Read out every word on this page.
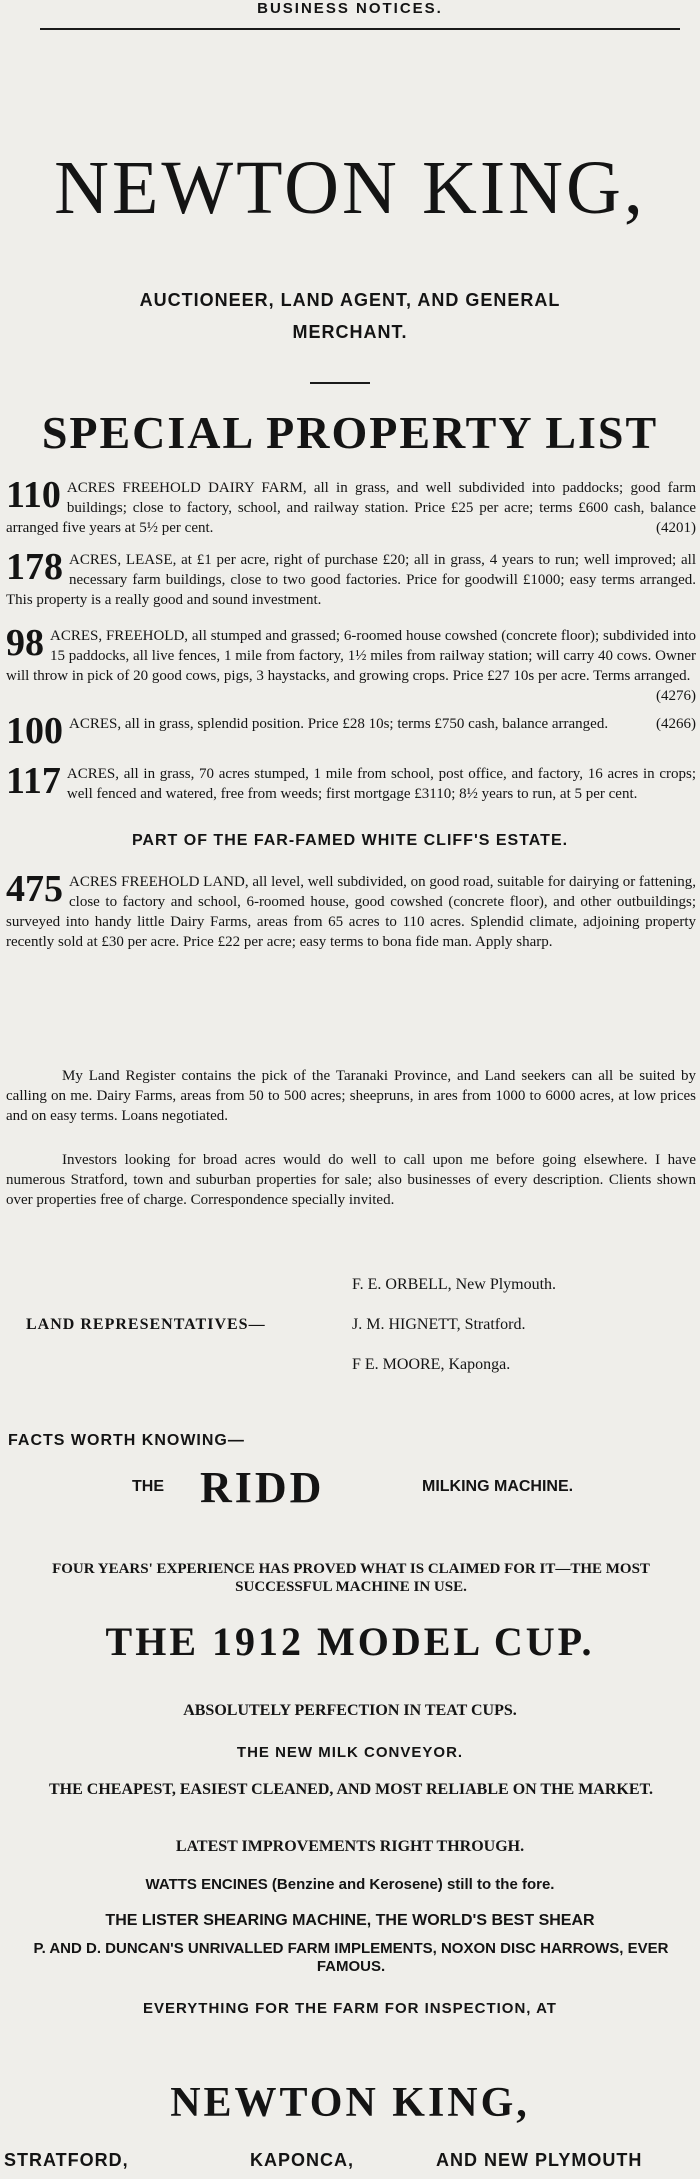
BUSINESS NOTICES.
NEWTON KING,
AUCTIONEER, LAND AGENT, AND GENERAL
MERCHANT.
SPECIAL PROPERTY LIST
110 ACRES FREEHOLD DAIRY FARM, all in grass, and well subdivided into paddocks; good farm buildings; close to factory, school, and railway station. Price £25 per acre; terms £600 cash, balance arranged five years at 5½ per cent.	(4201)
178 ACRES, LEASE, at £1 per acre, right of purchase £20; all in grass, 4 years to run; well improved; all necessary farm buildings, close to two good factories. Price for goodwill £1000; easy terms arranged. This property is a really good and sound investment.
98 ACRES, FREEHOLD, all stumped and grassed; 6-roomed house cowshed (concrete floor); subdivided into 15 paddocks, all live fences, 1 mile from factory, 1½ miles from railway station; will carry 40 cows. Owner will throw in pick of 20 good cows, pigs, 3 haystacks, and growing crops. Price £27 10s per acre. Terms arranged.
(4276)
100 ACRES, all in grass, splendid position. Price £28 10s; terms £750 cash, balance arranged.	(4266)
117 ACRES, all in grass, 70 acres stumped, 1 mile from school, post office, and factory, 16 acres in crops; well fenced and watered, free from weeds; first mortgage £3110; 8½ years to run, at 5 per cent.
PART OF THE FAR-FAMED WHITE CLIFF'S ESTATE.
475 ACRES FREEHOLD LAND, all level, well subdivided, on good road, suitable for dairying or fattening, close to factory and school, 6-roomed house, good cowshed (concrete floor), and other outbuildings; surveyed into handy little Dairy Farms, areas from 65 acres to 110 acres. Splendid climate, adjoining property recently sold at £30 per acre. Price £22 per acre; easy terms to bona fide man. Apply sharp.
My Land Register contains the pick of the Taranaki Province, and Land seekers can all be suited by calling on me. Dairy Farms, areas from 50 to 500 acres; sheepruns, in ares from 1000 to 6000 acres, at low prices and on easy terms. Loans negotiated.
Investors looking for broad acres would do well to call upon me before going elsewhere. I have numerous Stratford, town and suburban properties for sale; also businesses of every description. Clients shown over properties free of charge. Correspondence specially invited.
LAND REPRESENTATIVES—
F. E. ORBELL, New Plymouth.
J. M. HIGNETT, Stratford.
F E. MOORE, Kaponga.
FACTS WORTH KNOWING—
THE RIDD	MILKING MACHINE.
FOUR YEARS' EXPERIENCE HAS PROVED WHAT IS CLAIMED FOR IT—THE MOST SUCCESSFUL MACHINE IN USE.
THE 1912 MODEL CUP.
ABSOLUTELY PERFECTION IN TEAT CUPS.
THE NEW MILK CONVEYOR.
THE CHEAPEST, EASIEST CLEANED, AND MOST RELIABLE ON THE MARKET.
LATEST IMPROVEMENTS RIGHT THROUGH.
WATTS ENCINES (Benzine and Kerosene) still to the fore.
THE LISTER SHEARING MACHINE, THE WORLD'S BEST SHEAR
P. AND D. DUNCAN'S UNRIVALLED FARM IMPLEMENTS, NOXON DISC HARROWS, EVER FAMOUS.
EVERYTHING FOR THE FARM FOR INSPECTION, AT
NEWTON KING,
STRATFORD,	KAPONCA,	AND NEW PLYMOUTH
